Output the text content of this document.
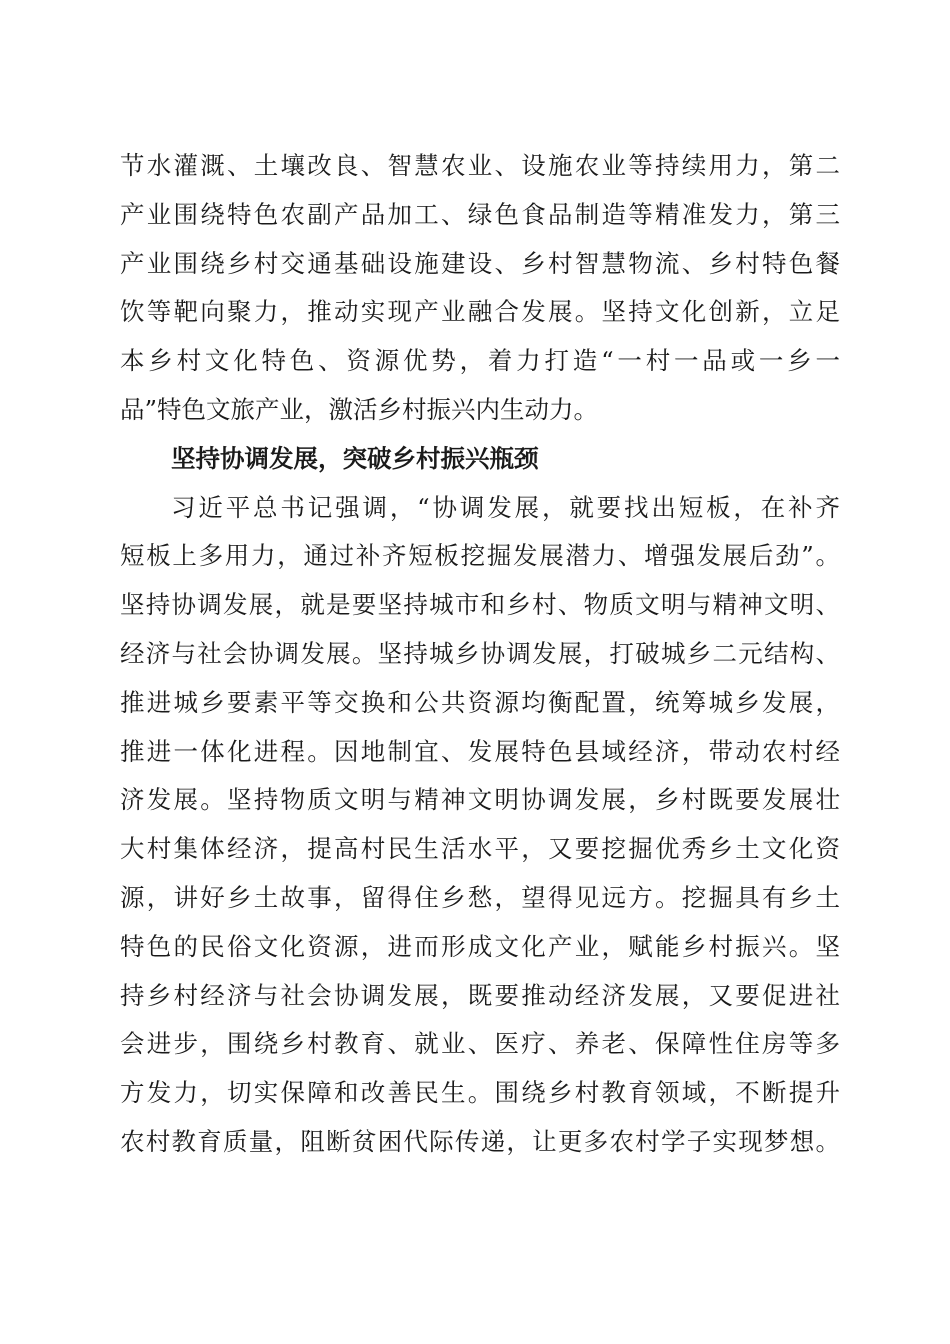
节水灌溉、土壤改良、智慧农业、设施农业等持续用力，第二
产业围绕特色农副产品加工、绿色食品制造等精准发力，第三
产业围绕乡村交通基础设施建设、乡村智慧物流、乡村特色餐
饮等靶向聚力，推动实现产业融合发展。坚持文化创新，立足
本乡村文化特色、资源优势，着力打造“一村一品或一乡一
品”特色文旅产业，激活乡村振兴内生动力。
坚持协调发展，突破乡村振兴瓶颈
习近平总书记强调，“协调发展，就要找出短板，在补齐
短板上多用力，通过补齐短板挖掘发展潜力、增强发展后劲”。
坚持协调发展，就是要坚持城市和乡村、物质文明与精神文明、
经济与社会协调发展。坚持城乡协调发展，打破城乡二元结构、
推进城乡要素平等交换和公共资源均衡配置，统筹城乡发展，
推进一体化进程。因地制宜、发展特色县域经济，带动农村经
济发展。坚持物质文明与精神文明协调发展，乡村既要发展壮
大村集体经济，提高村民生活水平，又要挖掘优秀乡土文化资
源，讲好乡土故事，留得住乡愁，望得见远方。挖掘具有乡土
特色的民俗文化资源，进而形成文化产业，赋能乡村振兴。坚
持乡村经济与社会协调发展，既要推动经济发展，又要促进社
会进步，围绕乡村教育、就业、医疗、养老、保障性住房等多
方发力，切实保障和改善民生。围绕乡村教育领域，不断提升
农村教育质量，阻断贫困代际传递，让更多农村学子实现梦想。
